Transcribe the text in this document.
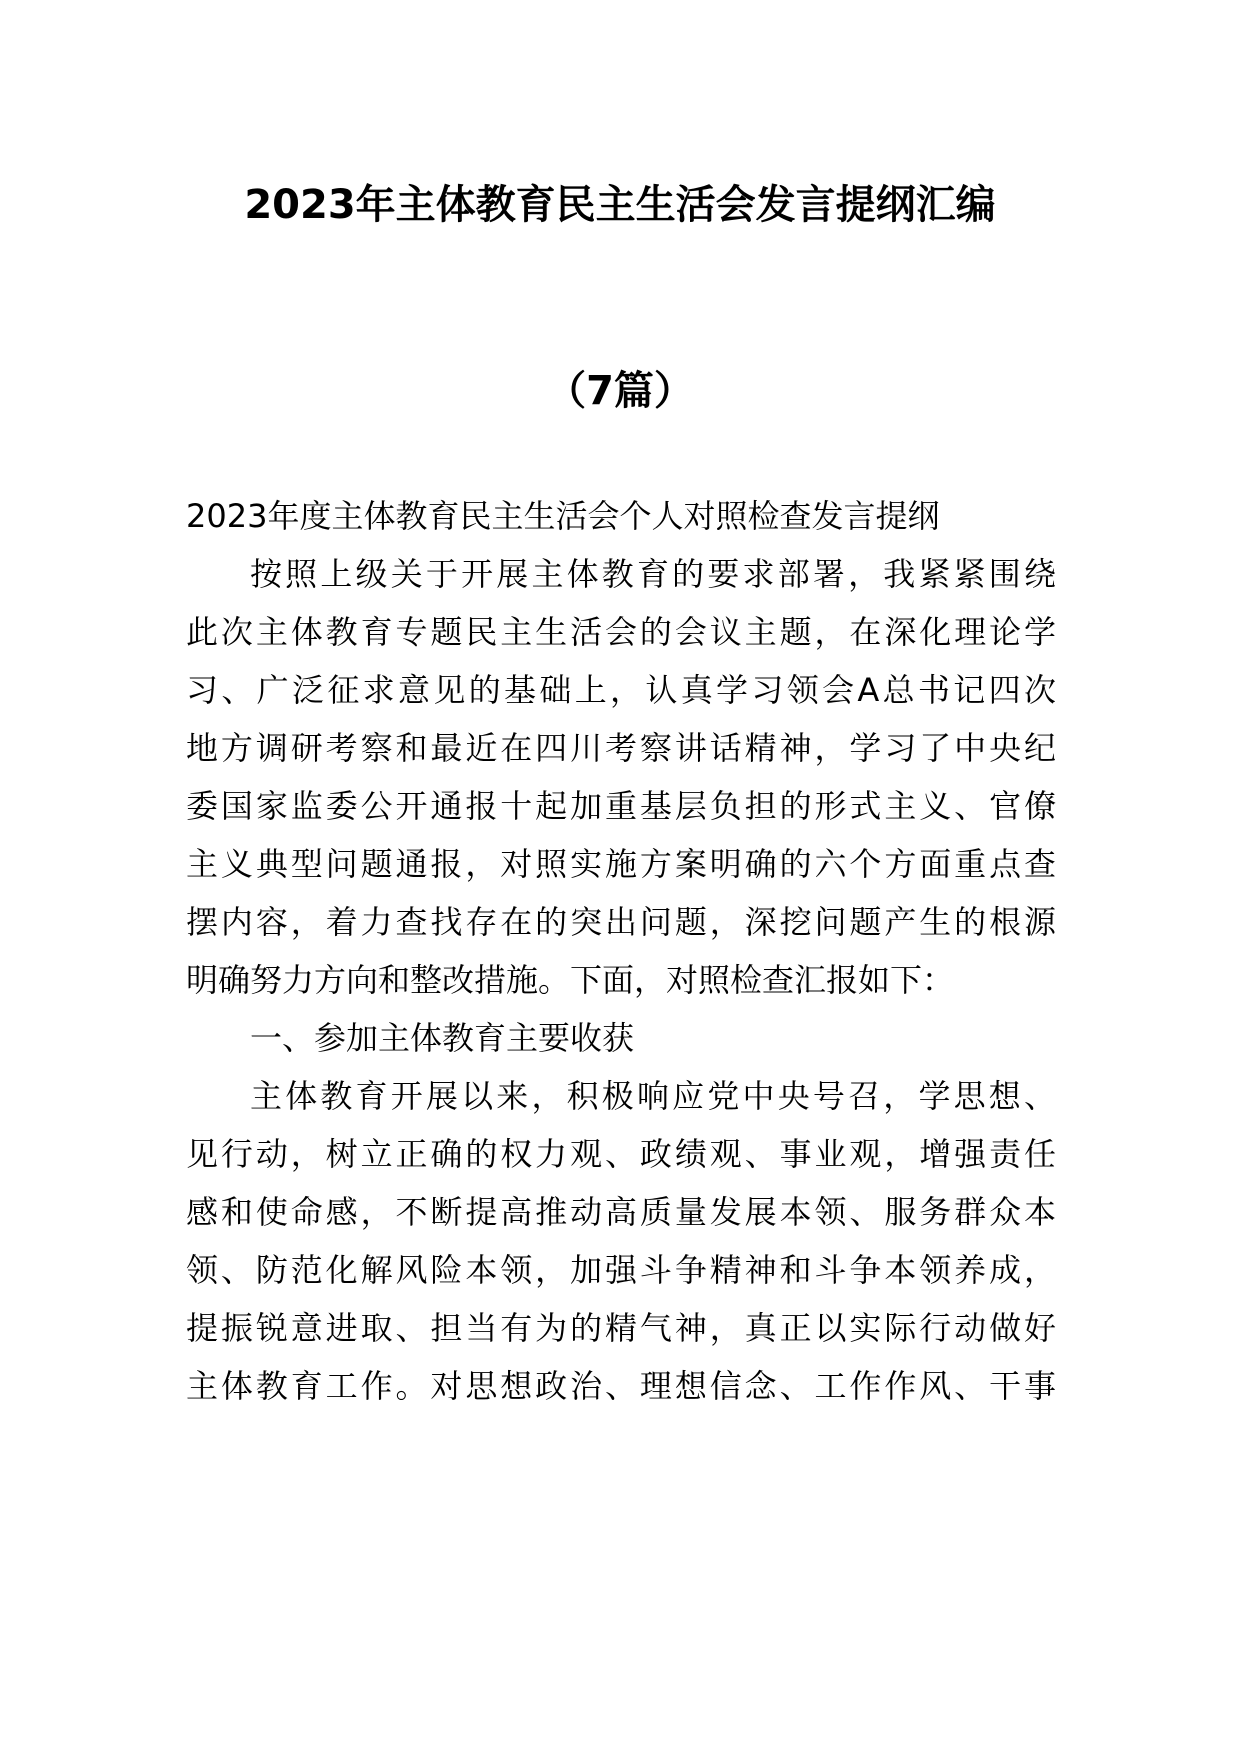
2023年主体教育民主生活会发言提纲汇编
（7篇）
2023年度主体教育民主生活会个人对照检查发言提纲
按照上级关于开展主体教育的要求部署，我紧紧围绕
此次主体教育专题民主生活会的会议主题，在深化理论学
习、广泛征求意见的基础上，认真学习领会A总书记四次
地方调研考察和最近在四川考察讲话精神，学习了中央纪
委国家监委公开通报十起加重基层负担的形式主义、官僚
主义典型问题通报，对照实施方案明确的六个方面重点查
摆内容，着力查找存在的突出问题，深挖问题产生的根源
明确努力方向和整改措施。下面，对照检查汇报如下：
一、参加主体教育主要收获
主体教育开展以来，积极响应党中央号召，学思想、
见行动，树立正确的权力观、政绩观、事业观，增强责任
感和使命感，不断提高推动高质量发展本领、服务群众本
领、防范化解风险本领，加强斗争精神和斗争本领养成，
提振锐意进取、担当有为的精气神，真正以实际行动做好
主体教育工作。对思想政治、理想信念、工作作风、干事
